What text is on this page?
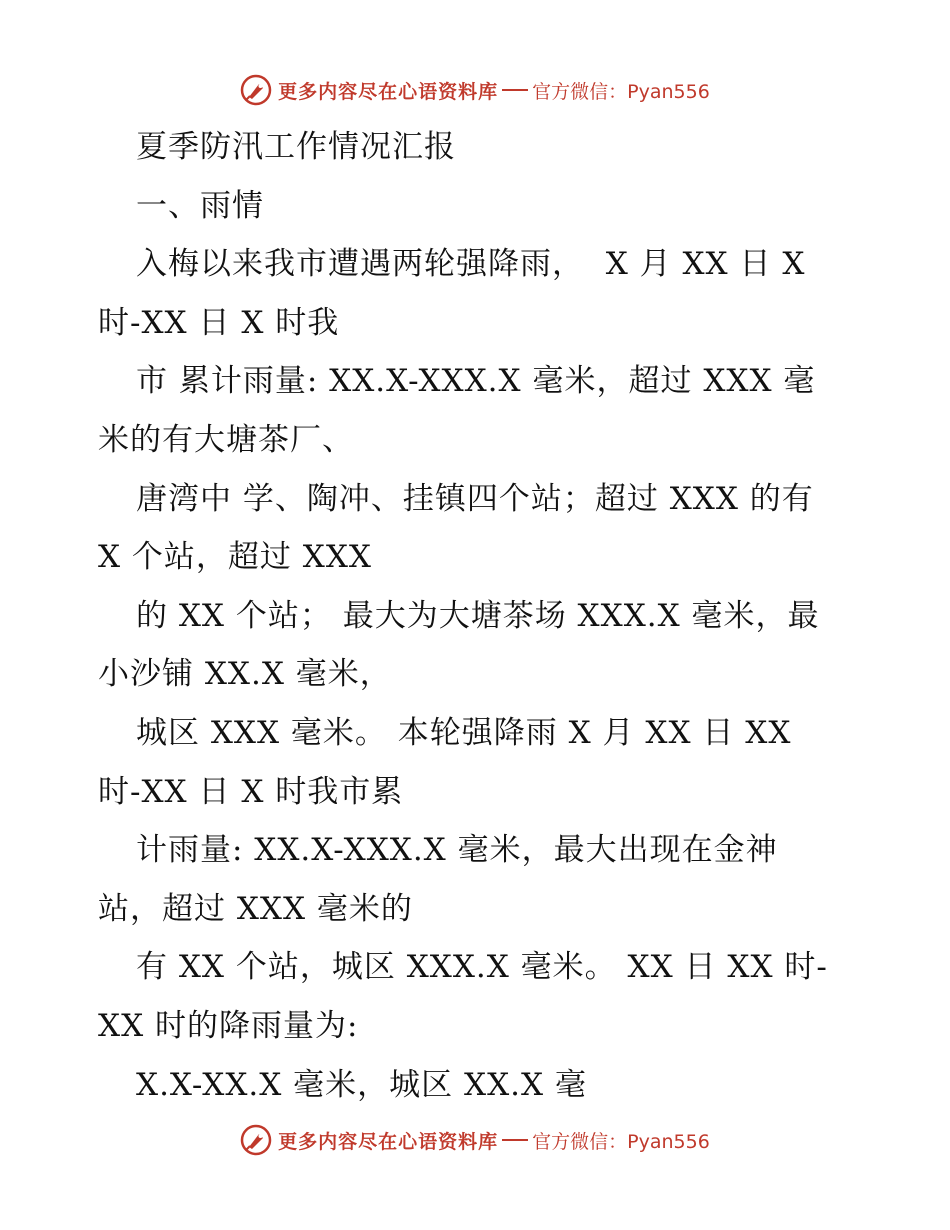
更多内容尽在心语资料库 官方微信：Pyan556
夏季防汛工作情况汇报
一、雨情
入梅以来我市遭遇两轮强降雨，  X 月 XX 日 X
时-XX 日 X 时我
市 累计雨量: XX.X-XXX.X 毫米，超过 XXX 毫
米的有大塘茶厂、
唐湾中 学、陶冲、挂镇四个站；超过 XXX 的有
X 个站，超过 XXX
的 XX 个站； 最大为大塘茶场 XXX.X 毫米，最
小沙铺 XX.X 毫米，
城区 XXX 毫米。 本轮强降雨 X 月 XX 日 XX
时-XX 日 X 时我市累
计雨量: XX.X-XXX.X 毫米，最大出现在金神
站，超过 XXX 毫米的
有 XX 个站，城区 XXX.X 毫米。 XX 日 XX 时-
XX 时的降雨量为:
X.X-XX.X 毫米，城区 XX.X 毫
更多内容尽在心语资料库 官方微信：Pyan556
